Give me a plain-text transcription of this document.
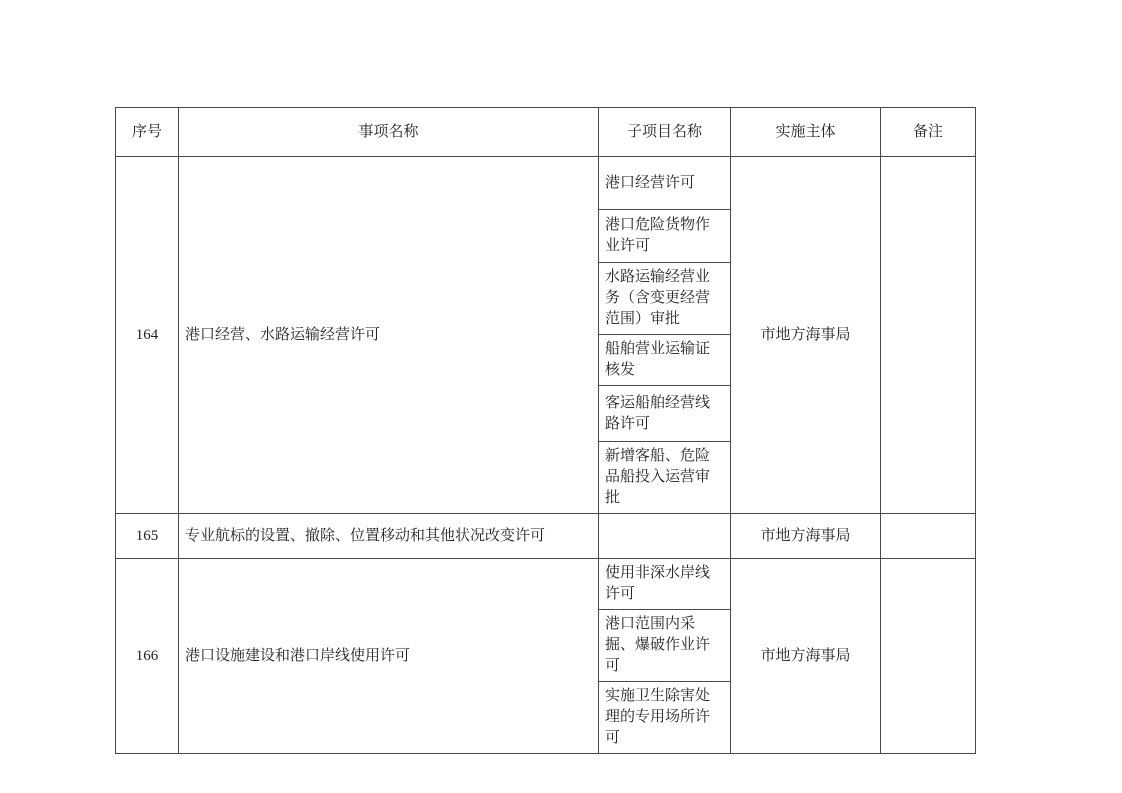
序号	事项名称	子项目名称	实施主体	备注
164	港口经营、水路运输经营许可	港口经营许可	市地方海事局	
		港口危险货物作业许可		
		水路运输经营业务（含变更经营范围）审批		
		船舶营业运输证核发		
		客运船舶经营线路许可		
		新增客船、危险品船投入运营审批		
165	专业航标的设置、撤除、位置移动和其他状况改变许可		市地方海事局	
166	港口设施建设和港口岸线使用许可	使用非深水岸线许可	市地方海事局	
		港口范围内采掘、爆破作业许可		
		实施卫生除害处理的专用场所许可		
